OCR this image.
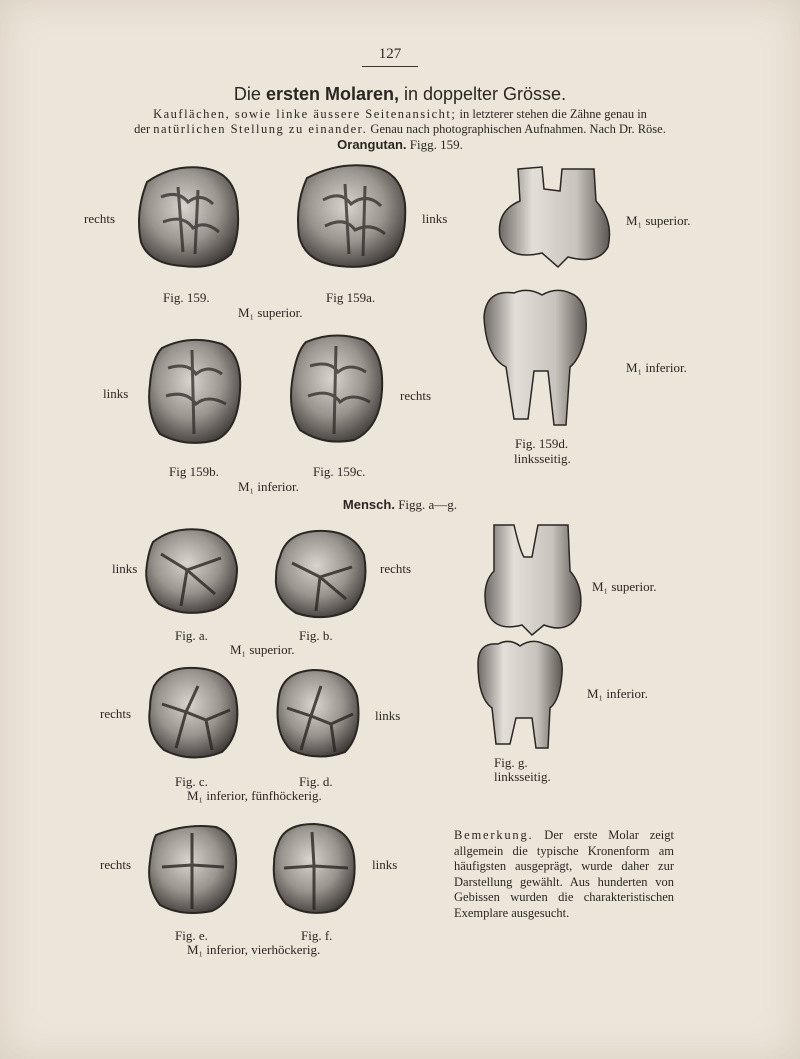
127
Die ersten Molaren, in doppelter Grösse.
Kauflächen, sowie linke äussere Seitenansicht; in letzterer stehen die Zähne genau in
der natürlichen Stellung zu einander. Genau nach photographischen Aufnahmen. Nach Dr. Röse.
Orangutan. Figg. 159.
rechts	links	M₁ superior.
Fig. 159.	Fig 159a.
M₁ superior.
M₁ inferior.
links	rechts
Fig. 159d.
linksseitig.
Fig 159b.	Fig. 159c.
M₁ inferior.
Mensch. Figg. a—g.
links	rechts
M₁ superior.
Fig. a.	Fig. b.
M₁ superior.
M₁ inferior.
rechts	links
Fig. g.
linksseitig.
Fig. c.	Fig. d.
M₁ inferior, fünfhöckerig.
rechts	links
Fig. e.	Fig. f.
M₁ inferior, vierhöckerig.
Bemerkung. Der erste Molar zeigt allgemein die typische Kronenform am häufigsten ausgeprägt, wurde daher zur Darstellung gewählt. Aus hunderten von Gebissen wurden die charakteristischen Exemplare ausgesucht.
